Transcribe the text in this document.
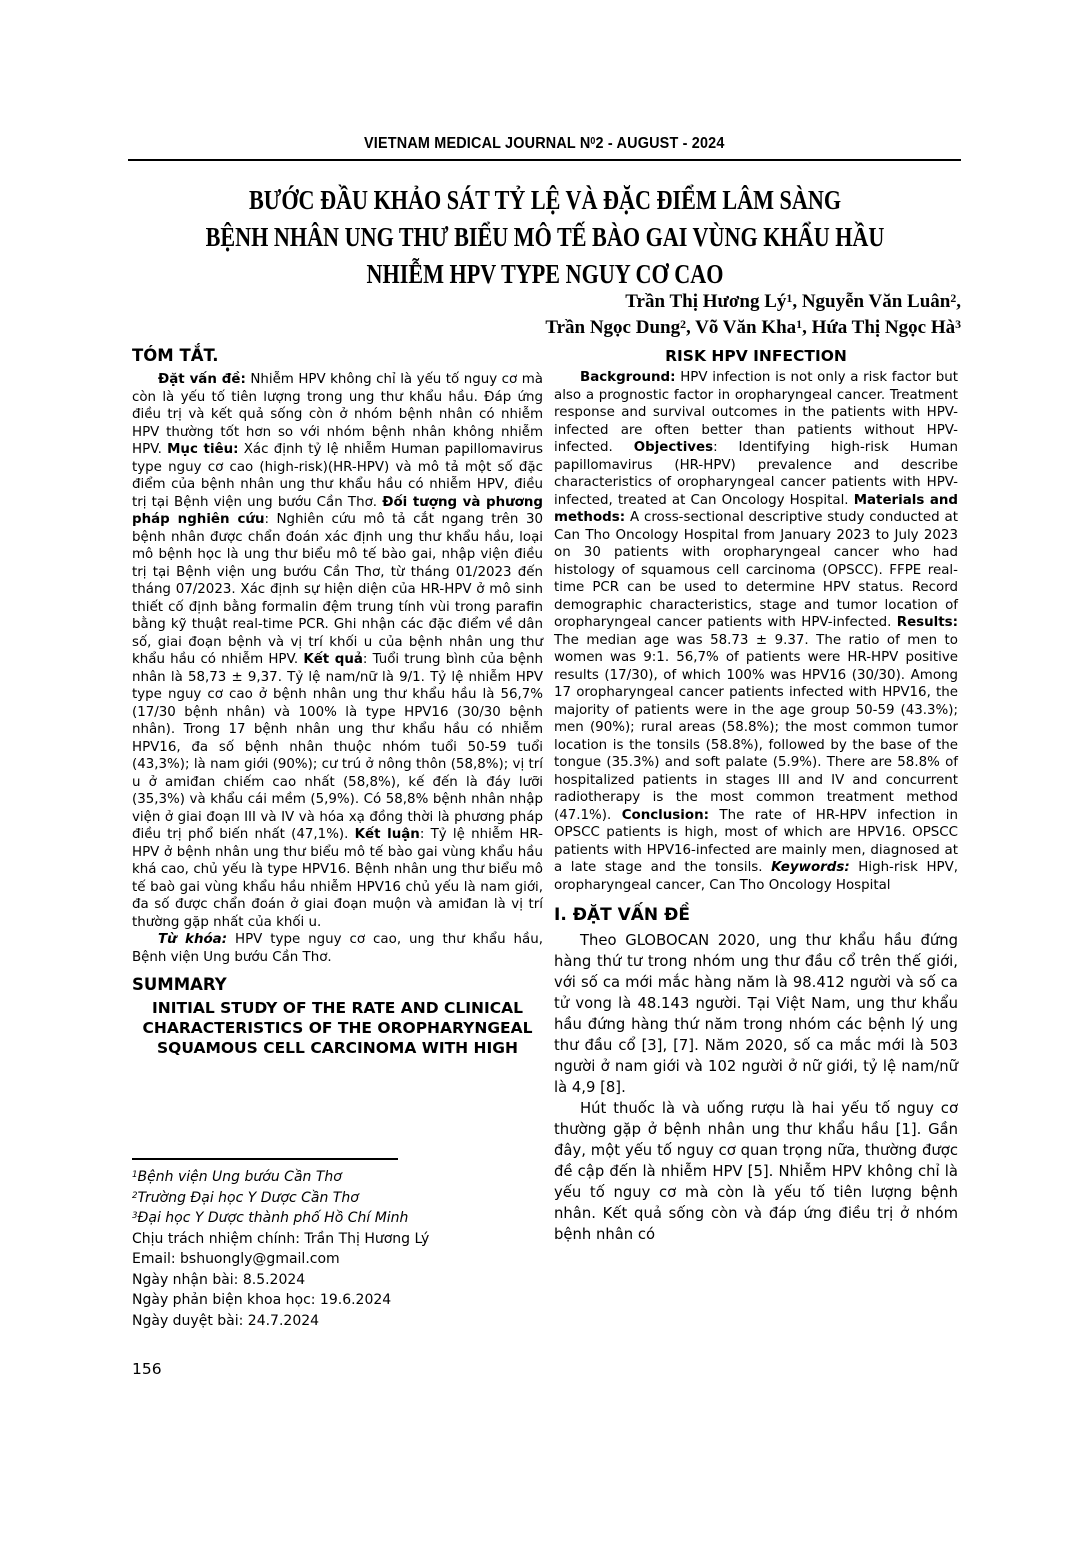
VIETNAM MEDICAL JOURNAL $N^02$ - AUGUST - 2024
BƯỚC ĐẦU KHẢO SÁT TỶ LỆ VÀ ĐẶC ĐIỂM LÂM SÀNG
BỆNH NHÂN UNG THƯ BIỂU MÔ TẾ BÀO GAI VÙNG KHẨU HẦU
NHIỄM HPV TYPE NGUY CƠ CAO
Trần Thị Hương $Lý^1$, Nguyễn Văn Luân$^2$,
Trần Ngọc Dung$^2$, Võ Văn Kha$^1$, Hứa Thị Ngọc $Hà^3$
TÓM TẮT.

Đặt vấn đề: Nhiễm HPV không chỉ là yếu tố nguy cơ mà còn là yếu tố tiên lượng trong ung thư khẩu hầu. Đáp ứng điều trị và kết quả sống còn ở nhóm bệnh nhân có nhiễm HPV thường tốt hơn so với nhóm bệnh nhân không nhiễm HPV. Mục tiêu: Xác định tỷ lệ nhiễm Human papillomavirus type nguy cơ cao (high-risk)(HR-HPV) và mô tả một số đặc điểm của bệnh nhân ung thư khẩu hầu có nhiễm HPV, điều trị tại Bệnh viện ung bướu Cần Thơ. Đối tượng và phương pháp nghiên cứu: Nghiên cứu mô tả cắt ngang trên 30 bệnh nhân được chẩn đoán xác định ung thư khẩu hầu, loại mô bệnh học là ung thư biểu mô tế bào gai, nhập viện điều trị tại Bệnh viện ung bướu Cần Thơ, từ tháng 01/2023 đến tháng 07/2023. Xác định sự hiện diện của HR-HPV ở mô sinh thiết cố định bằng formalin đệm trung tính vùi trong parafin bằng kỹ thuật real-time PCR. Ghi nhận các đặc điểm về dân số, giai đoạn bệnh và vị trí khối u của bệnh nhân ung thư khẩu hầu có nhiễm HPV. Kết quả: Tuổi trung bình của bệnh nhân là 58,73 ± 9,37. Tỷ lệ nam/nữ là 9/1. Tỷ lệ nhiễm HPV type nguy cơ cao ở bệnh nhân ung thư khẩu hầu là 56,7% (17/30 bệnh nhân) và 100% là type HPV16 (30/30 bệnh nhân). Trong 17 bệnh nhân ung thư khẩu hầu có nhiễm HPV16, đa số bệnh nhân thuộc nhóm tuổi 50-59 tuổi (43,3%); là nam giới (90%); cư trú ở nông thôn (58,8%); vị trí u ở amiđan chiếm cao nhất (58,8%), kế đến là đáy lưỡi (35,3%) và khẩu cái mềm (5,9%). Có 58,8% bệnh nhân nhập viện ở giai đoạn III và IV và hóa xạ đồng thời là phương pháp điều trị phổ biến nhất (47,1%). Kết luận: Tỷ lệ nhiễm HR-HPV ở bệnh nhân ung thư biểu mô tế bào gai vùng khẩu hầu khá cao, chủ yếu là type HPV16. Bệnh nhân ung thư biểu mô tế baò gai vùng khẩu hầu nhiễm HPV16 chủ yếu là nam giới, đa số được chẩn đoán ở giai đoạn muộn và amiđan là vị trí thường gặp nhất của khối u.

Từ khóa: HPV type nguy cơ cao, ung thư khẩu hầu, Bệnh viện Ung bướu Cần Thơ.

SUMMARY
INITIAL STUDY OF THE RATE AND CLINICAL
CHARACTERISTICS OF THE OROPHARYNGEAL
SQUAMOUS CELL CARCINOMA WITH HIGH
RISK HPV INFECTION

Background: HPV infection is not only a risk factor but also a prognostic factor in oropharyngeal cancer. Treatment response and survival outcomes in the patients with HPV-infected are often better than patients without HPV-infected. Objectives: Identifying high-risk Human papillomavirus (HR-HPV) prevalence and describe characteristics of oropharyngeal cancer patients with HPV- infected, treated at Can Oncology Hospital. Materials and methods: A cross-sectional descriptive study conducted at Can Tho Oncology Hospital from January 2023 to July 2023 on 30 patients with oropharyngeal cancer who had histology of squamous cell carcinoma (OPSCC). FFPE real-time PCR can be used to determine HPV status. Record demographic characteristics, stage and tumor location of oropharyngeal cancer patients with HPV-infected. Results: The median age was 58.73 ± 9.37. The ratio of men to women was 9:1. 56,7% of patients were HR-HPV positive results (17/30), of which 100% was HPV16 (30/30). Among 17 oropharyngeal cancer patients infected with HPV16, the majority of patients were in the age group 50-59 (43.3%); men (90%); rural areas (58.8%); the most common tumor location is the tonsils (58.8%), followed by the base of the tongue (35.3%) and soft palate (5.9%). There are 58.8% of hospitalized patients in stages III and IV and concurrent radiotherapy is the most common treatment method (47.1%). Conclusion: The rate of HR-HPV infection in OPSCC patients is high, most of which are HPV16. OPSCC patients with HPV16-infected are mainly men, diagnosed at a late stage and the tonsils. Keywords: High-risk HPV, oropharyngeal cancer, Can Tho Oncology Hospital

I. ĐẶT VẤN ĐỀ

Theo GLOBOCAN 2020, ung thư khẩu hầu đứng hàng thứ tư trong nhóm ung thư đầu cổ trên thế giới, với số ca mới mắc hàng năm là 98.412 người và số ca tử vong là 48.143 người. Tại Việt Nam, ung thư khẩu hầu đứng hàng thứ năm trong nhóm các bệnh lý ung thư đầu cổ [3], [7]. Năm 2020, số ca mắc mới là 503 người ở nam giới và 102 người ở nữ giới, tỷ lệ nam/nữ là 4,9 [8].

Hút thuốc là và uống rượu là hai yếu tố nguy cơ thường gặp ở bệnh nhân ung thư khẩu hầu [1]. Gần đây, một yếu tố nguy cơ quan trọng nữa, thường được đề cập đến là nhiễm HPV [5]. Nhiễm HPV không chỉ là yếu tố nguy cơ mà còn là yếu tố tiên lượng bệnh nhân. Kết quả sống còn và đáp ứng điều trị ở nhóm bệnh nhân có

$^1$Bệnh viện Ung bướu Cần Thơ
$^2$Trường Đại học Y Dược Cần Thơ
$^3$Đại học Y Dược thành phố Hồ Chí Minh
Chịu trách nhiệm chính: Trần Thị Hương Lý
Email: bshuongly@gmail.com
Ngày nhận bài: 8.5.2024
Ngày phản biện khoa học: 19.6.2024
Ngày duyệt bài: 24.7.2024
156
